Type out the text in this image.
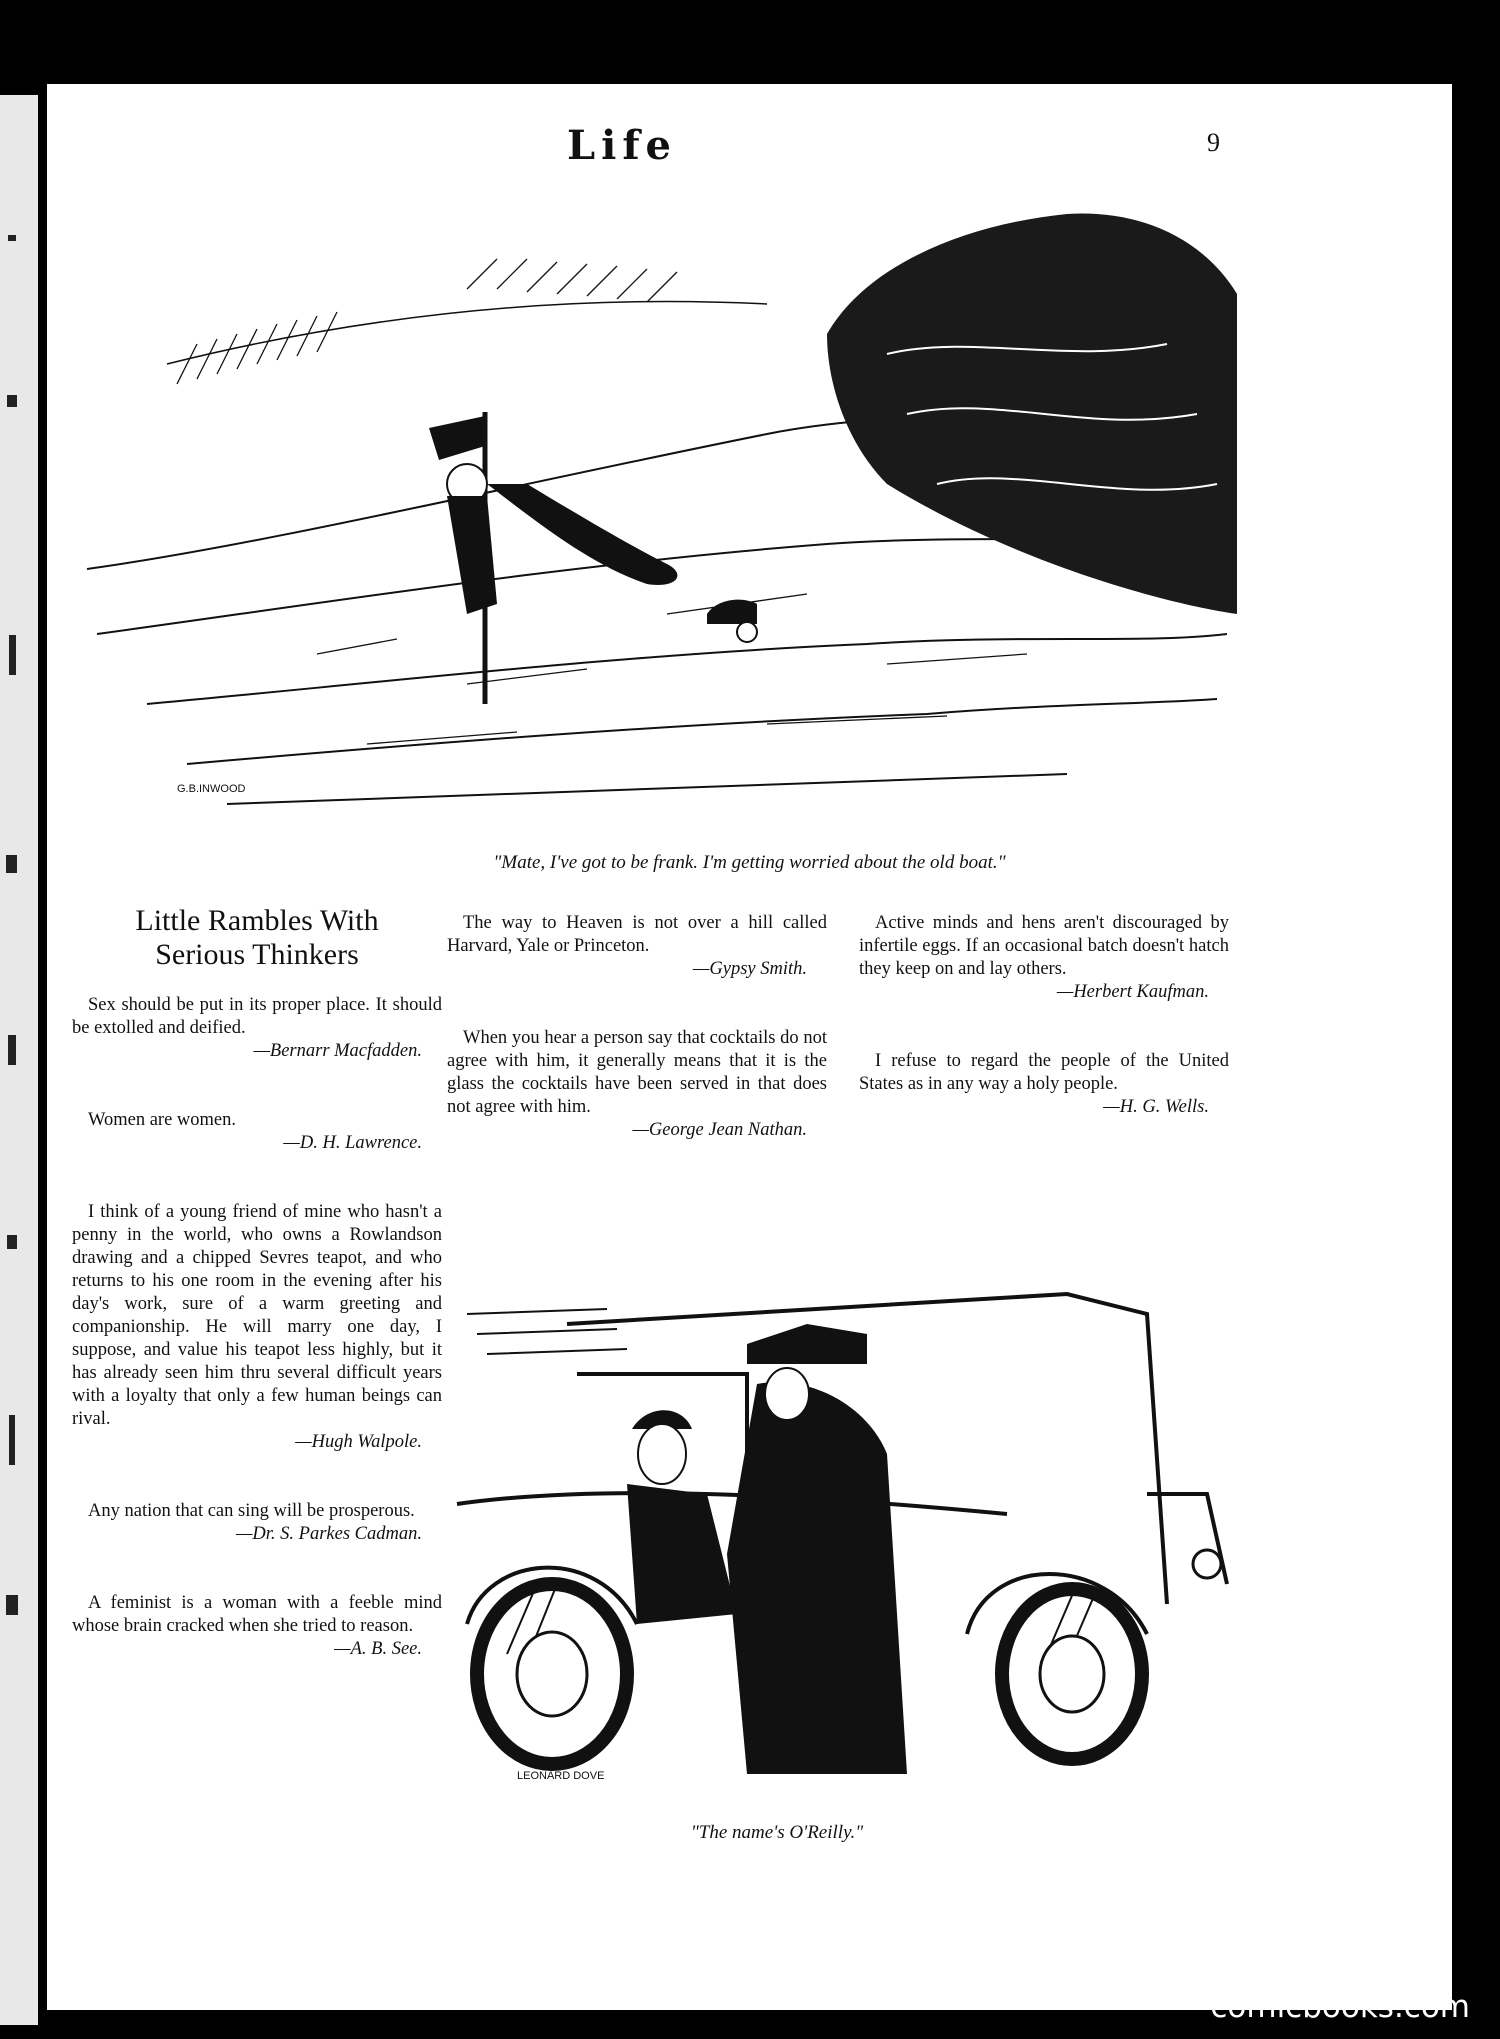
Life	9
G.B.INWOOD
"Mate, I've got to be frank. I'm getting worried about the old boat."
Little Rambles With
Serious Thinkers

Sex should be put in its proper place. It should be extolled and deified.

—Bernarr Macfadden.

Women are women.

—D. H. Lawrence.

I think of a young friend of mine who hasn't a penny in the world, who owns a Rowlandson drawing and a chipped Sevres teapot, and who returns to his one room in the evening after his day's work, sure of a warm greeting and companionship. He will marry one day, I suppose, and value his teapot less highly, but it has already seen him thru several difficult years with a loyalty that only a few human beings can rival.

—Hugh Walpole.

Any nation that can sing will be prosperous.

—Dr. S. Parkes Cadman.

A feminist is a woman with a feeble mind whose brain cracked when she tried to reason.

—A. B. See.

The way to Heaven is not over a hill called Harvard, Yale or Princeton.

—Gypsy Smith.

When you hear a person say that cocktails do not agree with him, it generally means that it is the glass the cocktails have been served in that does not agree with him.

—George Jean Nathan.

Active minds and hens aren't discouraged by infertile eggs. If an occasional batch doesn't hatch they keep on and lay others.

—Herbert Kaufman.

I refuse to regard the people of the United States as in any way a holy people.

—H. G. Wells.

LEONARD DOVE
"The name's O'Reilly."
comicbooks.com
